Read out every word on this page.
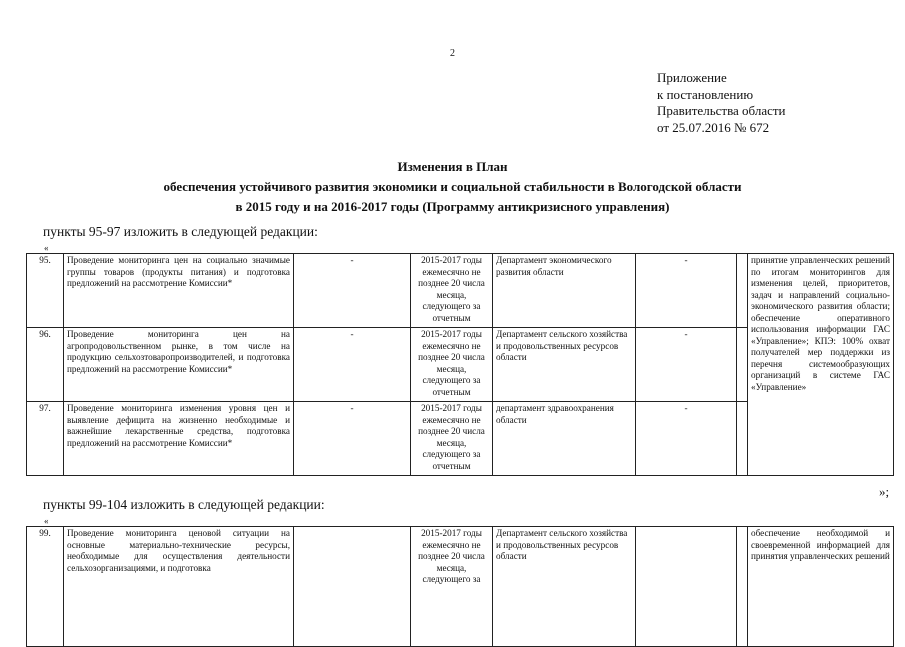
2
Приложение
к постановлению
Правительства области
от 25.07.2016 № 672
Изменения в План
обеспечения устойчивого развития экономики и социальной стабильности в Вологодской области
в 2015 году и на 2016-2017 годы (Программу антикризисного управления)
пункты 95-97 изложить в следующей редакции:
«
95.	Проведение мониторинга цен на социально значимые группы товаров (продукты питания) и подготовка предложений на рассмотрение Комиссии*	-	2015-2017 годы ежемесячно не позднее 20 числа месяца, следующего за отчетным	Департамент экономического развития области	-		принятие управленческих решений по итогам мониторингов для изменения целей, приоритетов, задач и направлений социально-экономического развития области; обеспечение оперативного использования информации ГАС «Управление»; КПЭ: 100% охват получателей мер поддержки из перечня системообразующих организаций в системе ГАС «Управление»
96.	Проведение мониторинга цен на агропродовольственном рынке, в том числе на продукцию сельхозтоваропроизводителей, и подготовка предложений на рассмотрение Комиссии*	-	2015-2017 годы ежемесячно не позднее 20 числа месяца, следующего за отчетным	Департамент сельского хозяйства и продовольственных ресурсов области	-		
97.	Проведение мониторинга изменения уровня цен и выявление дефицита на жизненно необходимые и важнейшие лекарственные средства, подготовка предложений на рассмотрение Комиссии*	-	2015-2017 годы ежемесячно не позднее 20 числа месяца, следующего за отчетным	департамент здравоохранения области	-		
»;
пункты 99-104 изложить в следующей редакции:
«
99.	Проведение мониторинга ценовой ситуации на основные материально-технические ресурсы, необходимые для осуществления деятельности сельхозорганизациями, и подготовка		2015-2017 годы ежемесячно не позднее 20 числа месяца, следующего за	Департамент сельского хозяйства и продовольственных ресурсов области			обеспечение необходимой и своевременной информацией для принятия управленческих решений
